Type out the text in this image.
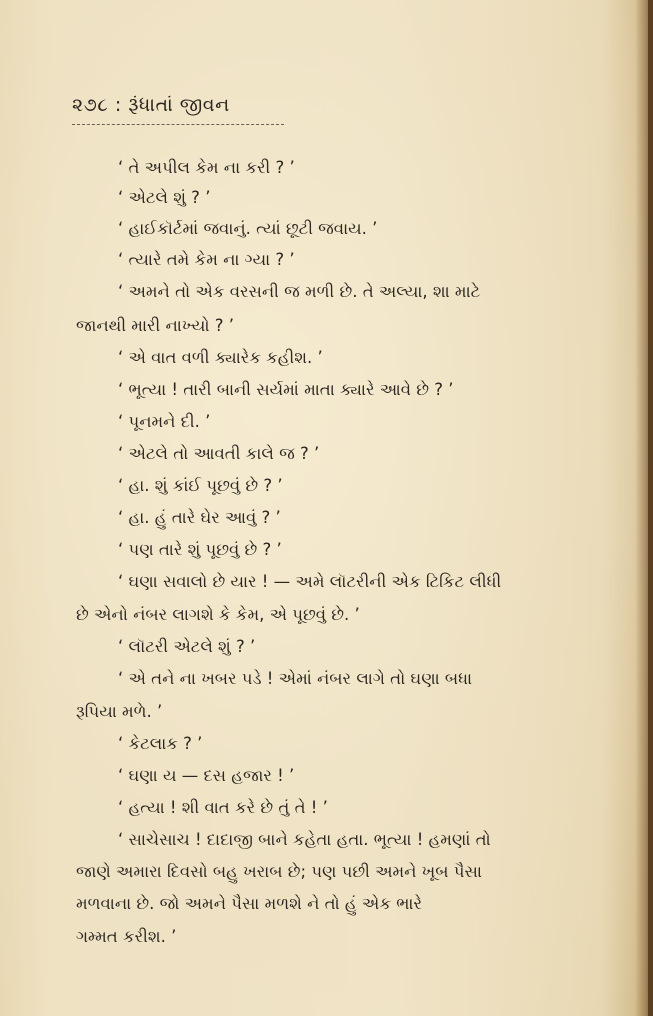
૨૭૮ : રૂંધાતાં જીવન
‘ તે અપીલ કેમ ના કરી ? ’
‘ એટલે શું ? ’
‘ હાઈકૉર્ટમાં જવાનું. ત્યાં છૂટી જવાય. ’
‘ ત્યારે તમે કેમ ના ગ્યા ? ’
‘ અમને તો એક વરસની જ મળી છે. તે અલ્યા, શા માટે
જાનથી મારી નાખ્યો ? ’
‘ એ વાત વળી ક્યારેક કહીશ. ’
‘ ભૂત્યા ! તારી બાની સર્યમાં માતા ક્યારે આવે છે ? ’
‘ પૂનમને દી. ’
‘ એટલે તો આવતી કાલે જ ? ’
‘ હા. શું કાંઈ પૂછવું છે ? ’
‘ હા. હું તારે ઘેર આવું ? ’
‘ પણ તારે શું પૂછવું છે ? ’
‘ ઘણા સવાલો છે યાર ! — અમે લૉટરીની એક ટિકિટ લીધી
છે એનો નંબર લાગશે કે કેમ, એ પૂછવું છે. ’
‘ લૉટરી એટલે શું ? ’
‘ એ તને ના ખબર પડે ! એમાં નંબર લાગે તો ઘણા બધા
રૂપિયા મળે. ’
‘ કેટલાક ? ’
‘ ઘણા ય — દસ હજાર ! ’
‘ હત્યા ! શી વાત કરે છે તું તે ! ’
‘ સાચેસાચ ! દાદાજી બાને કહેતા હતા. ભૂત્યા ! હમણાં તો
જાણે અમારા દિવસો બહુ ખરાબ છે; પણ પછી અમને ખૂબ પૈસા
મળવાના છે. જો અમને પૈસા મળશે ને તો હું એક ભારે
ગમ્મત કરીશ. ’
